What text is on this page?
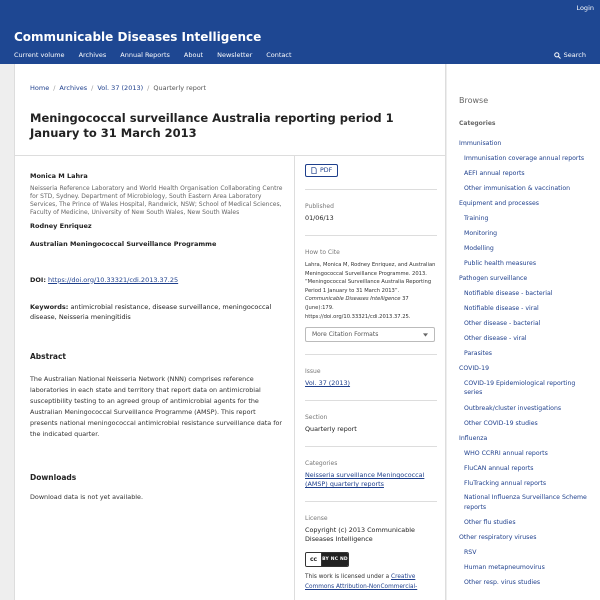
Login
Communicable Diseases Intelligence
Current volume Archives Annual Reports About Newsletter Contact	Search
Home / Archives / Vol. 37 (2013) / Quarterly report
Meningococcal surveillance Australia reporting period 1 January to 31 March 2013
Monica M Lahra
Neisseria Reference Laboratory and World Health Organisation Collaborating Centre for STD, Sydney. Department of Microbiology, South Eastern Area Laboratory Services, The Prince of Wales Hospital, Randwick, NSW; School of Medical Sciences, Faculty of Medicine, University of New South Wales, New South Wales
Rodney Enriquez
Australian Meningococcal Surveillance Programme
DOI: https://doi.org/10.33321/cdi.2013.37.25
Keywords: antimicrobial resistance, disease surveillance, meningococcal disease, Neisseria meningitidis
Abstract
The Australian National Neisseria Network (NNN) comprises reference laboratories in each state and territory that report data on antimicrobial susceptibility testing to an agreed group of antimicrobial agents for the Australian Meningococcal Surveillance Programme (AMSP). This report presents national meningococcal antimicrobial resistance surveillance data for the indicated quarter.
Downloads
Download data is not yet available.
PDF
Published
01/06/13
How to Cite
Lahra, Monica M, Rodney Enriquez, and Australian Meningococcal Surveillance Programme. 2013. “Meningococcal Surveillance Australia Reporting Period 1 January to 31 March 2013”. Communicable Diseases Intelligence 37 (June):179. https://doi.org/10.33321/cdi.2013.37.25.
More Citation Formats
Issue
Vol. 37 (2013)
Section
Quarterly report
Categories
Neisseria surveillance Meningococcal (AMSP) quarterly reports
License
Copyright (c) 2013 Communicable Diseases Intelligence
cc	BY NC ND
This work is licensed under a Creative Commons Attribution-NonCommercial-
Browse
Categories
Immunisation
Immunisation coverage annual reports
AEFI annual reports
Other immunisation & vaccination
Equipment and processes
Training
Monitoring
Modelling
Public health measures
Pathogen surveillance
Notifiable disease - bacterial
Notifiable disease - viral
Other disease - bacterial
Other disease - viral
Parasites
COVID-19
COVID-19 Epidemiological reporting series
Outbreak/cluster investigations
Other COVID-19 studies
Influenza
WHO CCRRI annual reports
FluCAN annual reports
FluTracking annual reports
National Influenza Surveillance Scheme reports
Other flu studies
Other respiratory viruses
RSV
Human metapneumovirus
Other resp. virus studies
